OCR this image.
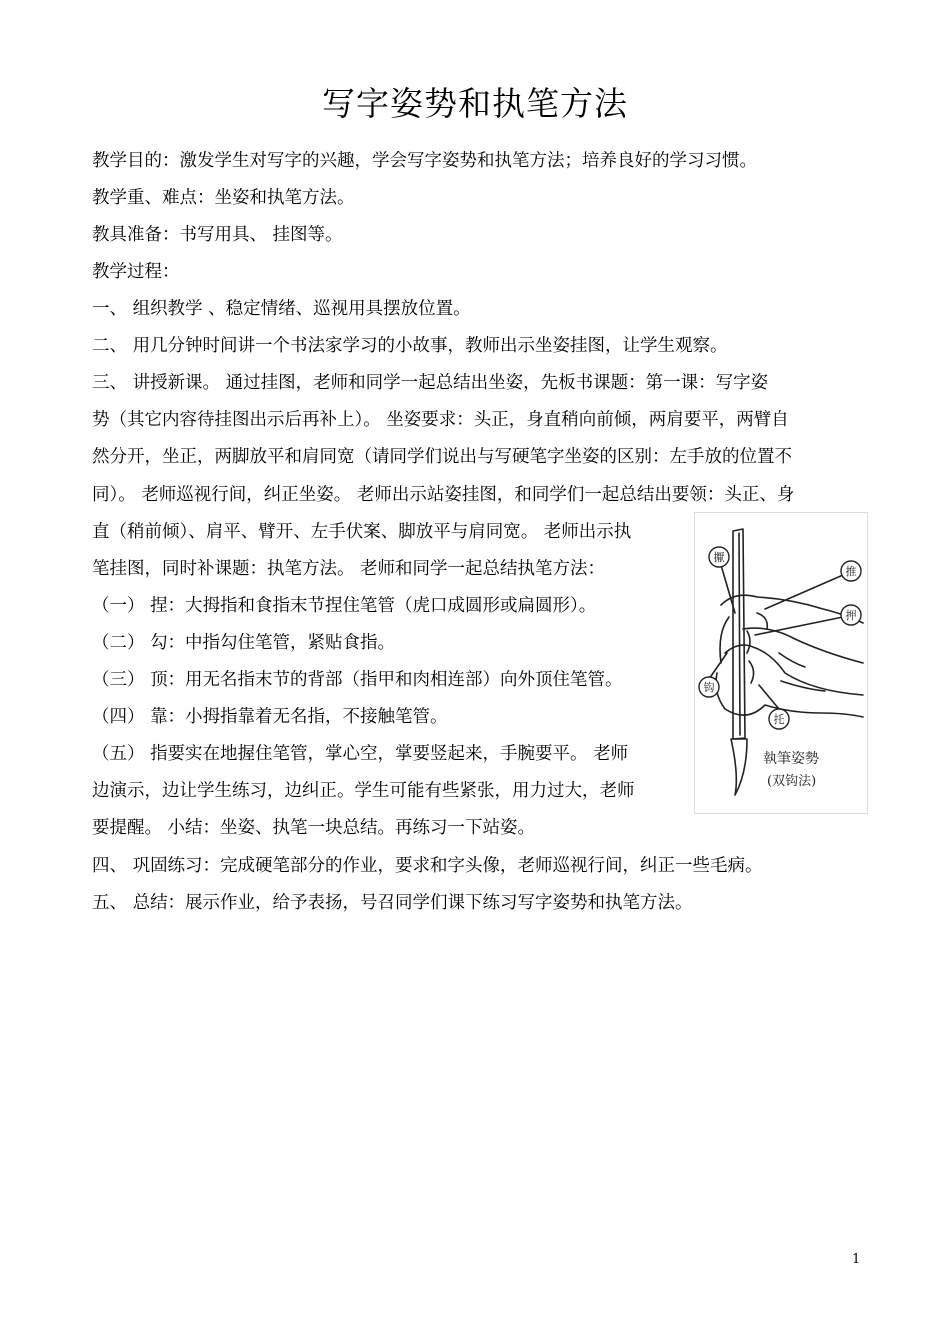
写字姿势和执笔方法
教学目的：激发学生对写字的兴趣，学会写字姿势和执笔方法；培养良好的学习习惯。
教学重、难点：坐姿和执笔方法。
教具准备：书写用具、 挂图等。
教学过程：
一、 组织教学 、稳定情绪、巡视用具摆放位置。
二、 用几分钟时间讲一个书法家学习的小故事，教师出示坐姿挂图，让学生观察。
三、 讲授新课。 通过挂图，老师和同学一起总结出坐姿，先板书课题：第一课：写字姿
势（其它内容待挂图出示后再补上）。 坐姿要求：头正，身直稍向前倾，两肩要平，两臂自
然分开，坐正，两脚放平和肩同宽（请同学们说出与写硬笔字坐姿的区别：左手放的位置不
同）。 老师巡视行间，纠正坐姿。 老师出示站姿挂图，和同学们一起总结出要领：头正、身
直（稍前倾）、肩平、臂开、左手伏案、脚放平与肩同宽。 老师出示执
笔挂图，同时补课题：执笔方法。 老师和同学一起总结执笔方法：
（一） 捏：大拇指和食指末节捏住笔管（虎口成圆形或扁圆形）。
（二） 勾：中指勾住笔管，紧贴食指。
（三） 顶：用无名指末节的背部（指甲和肉相连部）向外顶住笔管。
（四） 靠：小拇指靠着无名指，不接触笔管。
（五） 指要实在地握住笔管，掌心空，掌要竖起来，手腕要平。 老师
边演示，边让学生练习，边纠正。学生可能有些紧张，用力过大，老师
要提醒。 小结：坐姿、执笔一块总结。再练习一下站姿。
四、 巩固练习：完成硬笔部分的作业，要求和字头像，老师巡视行间，纠正一些毛病。
五、 总结：展示作业，给予表扬，号召同学们课下练习写字姿势和执笔方法。
擫
推
押
钩
托
執筆姿勢
(双钩法)
1
